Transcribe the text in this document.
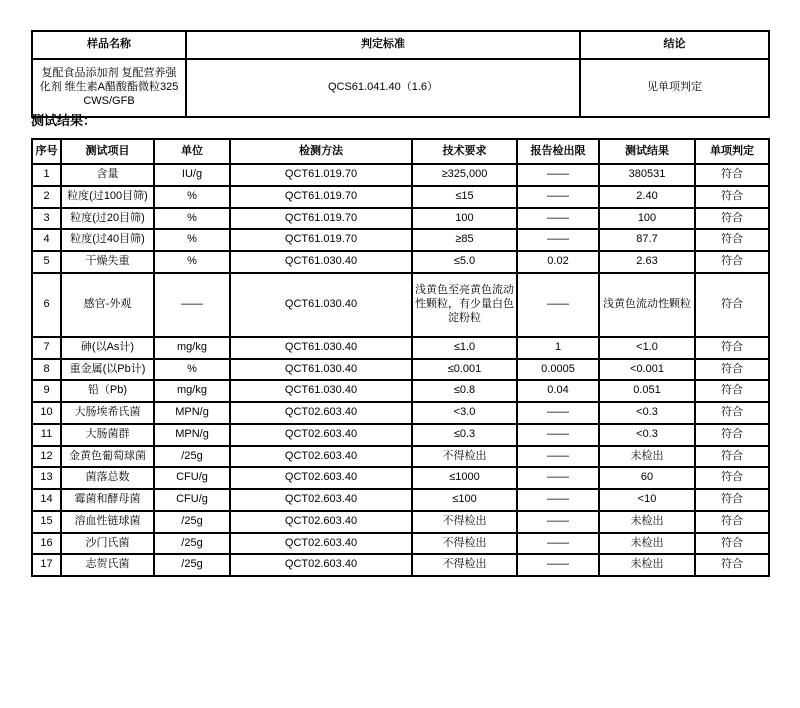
样品名称	判定标准	结论
复配食品添加剂 复配营养强化剂 维生素A醋酸酯微粒325CWS/GFB	QCS61.041.40（1.6）	见单项判定
测试结果：
序号	测试项目	单位	检测方法	技术要求	报告检出限	测试结果	单项判定
1	含量	IU/g	QCT61.019.70	≥325,000	——	380531	符合
2	粒度(过100目筛)	%	QCT61.019.70	≤15	——	2.40	符合
3	粒度(过20目筛)	%	QCT61.019.70	100	——	100	符合
4	粒度(过40目筛)	%	QCT61.019.70	≥85	——	87.7	符合
5	干燥失重	%	QCT61.030.40	≤5.0	0.02	2.63	符合
6	感官-外观	——	QCT61.030.40	浅黄色至亮黄色流动性颗粒，有少量白色淀粉粒	——	浅黄色流动性颗粒	符合
7	砷(以As计)	mg/kg	QCT61.030.40	≤1.0	1	<1.0	符合
8	重金属(以Pb计)	%	QCT61.030.40	≤0.001	0.0005	<0.001	符合
9	铅（Pb)	mg/kg	QCT61.030.40	≤0.8	0.04	0.051	符合
10	大肠埃希氏菌	MPN/g	QCT02.603.40	<3.0	——	<0.3	符合
11	大肠菌群	MPN/g	QCT02.603.40	≤0.3	——	<0.3	符合
12	金黄色葡萄球菌	/25g	QCT02.603.40	不得检出	——	未检出	符合
13	菌落总数	CFU/g	QCT02.603.40	≤1000	——	60	符合
14	霉菌和酵母菌	CFU/g	QCT02.603.40	≤100	——	<10	符合
15	溶血性链球菌	/25g	QCT02.603.40	不得检出	——	未检出	符合
16	沙门氏菌	/25g	QCT02.603.40	不得检出	——	未检出	符合
17	志贺氏菌	/25g	QCT02.603.40	不得检出	——	未检出	符合
